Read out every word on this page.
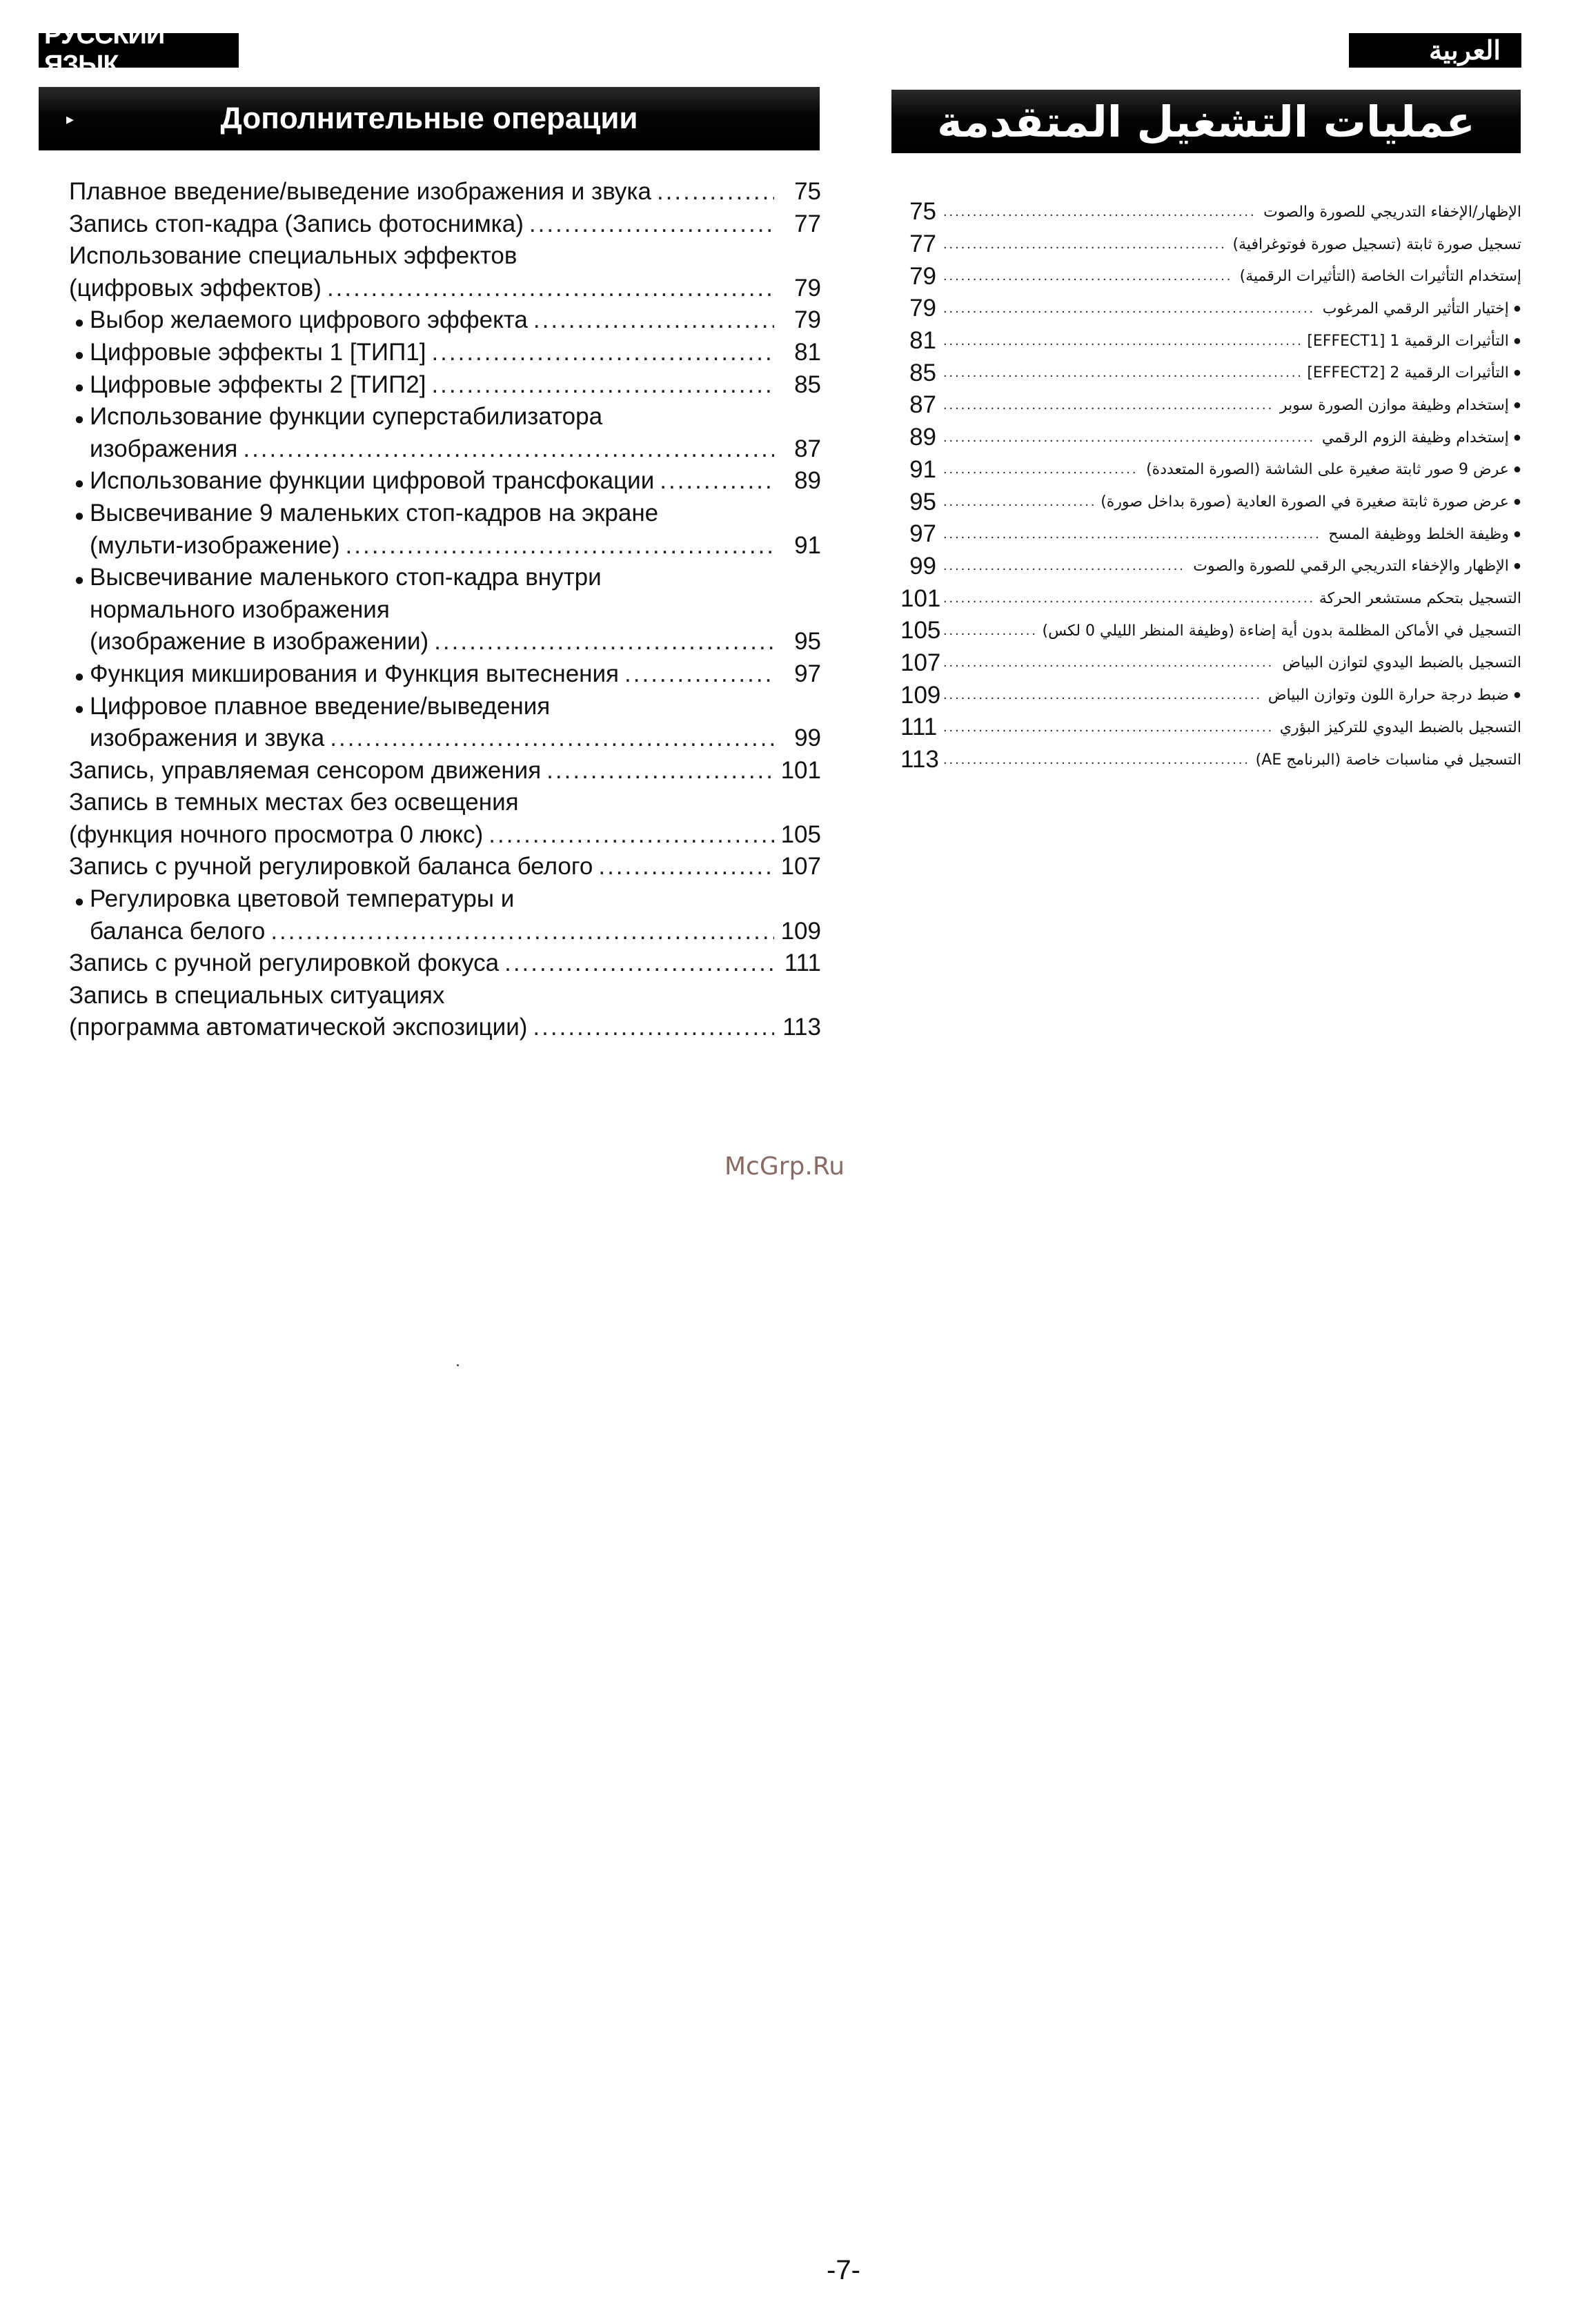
РУССКИЙ ЯЗЫК	العربية
▸	Дополнительные операции	عمليات التشغيل المتقدمة
Плавное введение/выведение изображения и звука .....	75
Запись стоп-кадра (Запись фотоснимка) .....	77
Использование специальных эффектов
(цифровых эффектов) .....	79
● Выбор желаемого цифрового эффекта .....	79
● Цифровые эффекты 1 [ТИП1] .....	81
● Цифровые эффекты 2 [ТИП2] .....	85
● Использование функции суперстабилизатора
изображения .....	87
● Использование функции цифровой трансфокации .....	89
● Высвечивание 9 маленьких стоп-кадров на экране
(мульти-изображение) .....	91
● Высвечивание маленького стоп-кадра внутри
нормального изображения
(изображение в изображении) .....	95
● Функция микширования и Функция вытеснения .....	97
● Цифровое плавное введение/выведения
изображения и звука .....	99
Запись, управляемая сенсором движения .....	101
Запись в темных местах без освещения
(функция ночного просмотра 0 люкс) .....	105
Запись с ручной регулировкой баланса белого .....	107
● Регулировка цветовой температуры и
баланса белого .....	109
Запись с ручной регулировкой фокуса .....	111
Запись в специальных ситуациях
(программа автоматической экспозиции) .....	113
75 .....	الإظهار/الإخفاء التدريجي للصورة والصوت
77 .....	تسجيل صورة ثابتة (تسجيل صورة فوتوغرافية)
79 .....	إستخدام التأثيرات الخاصة (التأثيرات الرقمية)
79 .....	إختيار التأثير الرقمي المرغوب ●
81 .....	التأثيرات الرقمية 1 [EFFECT1] ●
85 .....	التأثيرات الرقمية 2 [EFFECT2] ●
87 .....	إستخدام وظيفة موازن الصورة سوبر ●
89 .....	إستخدام وظيفة الزوم الرقمي ●
91 .....	عرض 9 صور ثابتة صغيرة على الشاشة (الصورة المتعددة) ●
95 .....	عرض صورة ثابتة صغيرة في الصورة العادية (صورة بداخل صورة) ●
97 .....	وظيفة الخلط ووظيفة المسح ●
99 .....	الإظهار والإخفاء التدريجي الرقمي للصورة والصوت ●
101 .....	التسجيل بتحكم مستشعر الحركة
105 .....	التسجيل في الأماكن المظلمة بدون أية إضاءة (وظيفة المنظر الليلي 0 لكس)
107 .....	التسجيل بالضبط اليدوي لتوازن البياض
109 .....	ضبط درجة حرارة اللون وتوازن البياض ●
111 .....	التسجيل بالضبط اليدوي للتركيز البؤري
113 .....	التسجيل في مناسبات خاصة (البرنامج AE)
McGrp.Ru
-7-
